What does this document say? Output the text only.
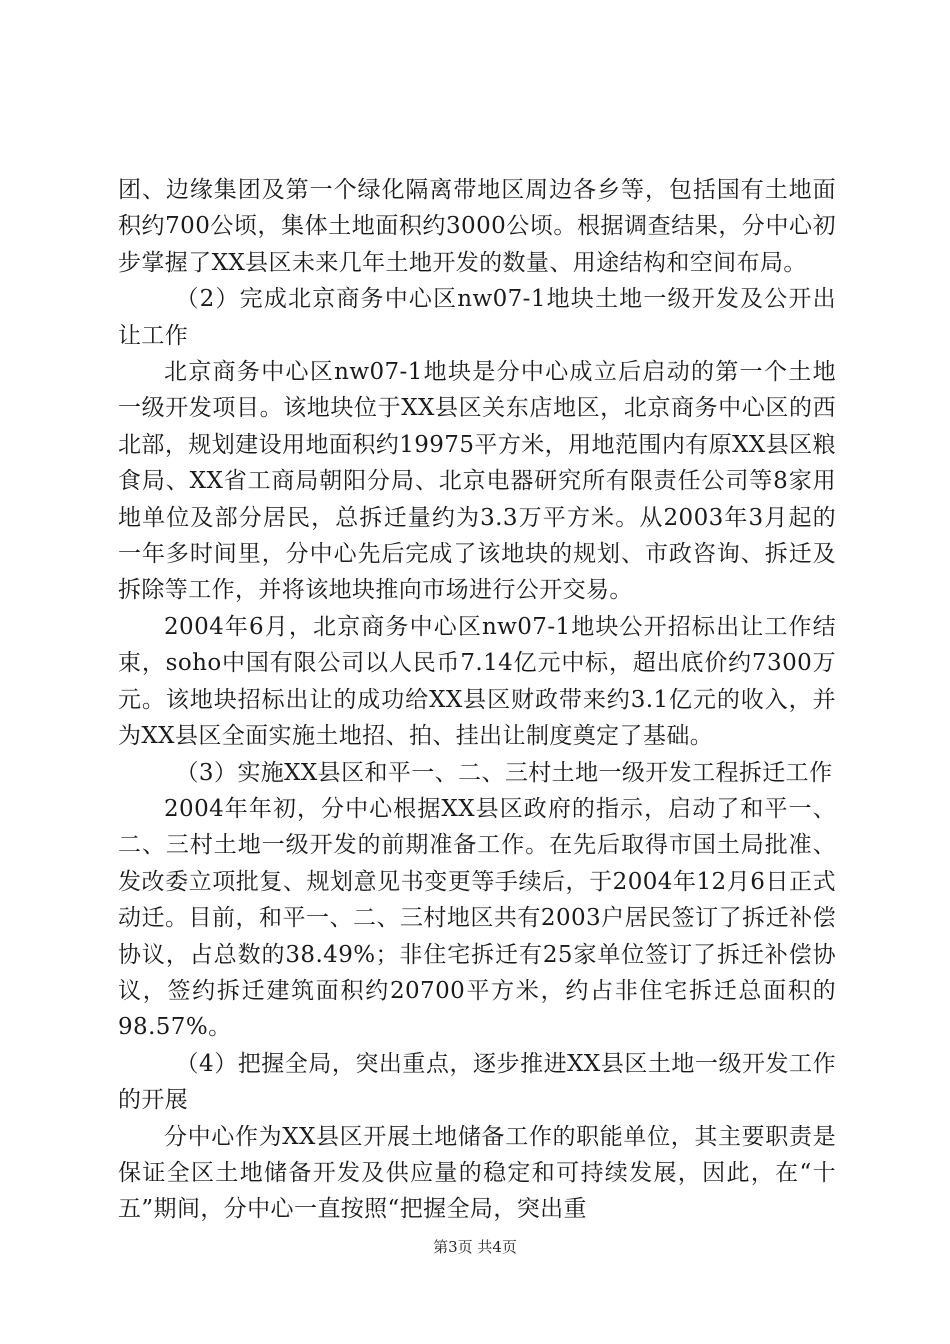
团、边缘集团及第一个绿化隔离带地区周边各乡等，包括国有土地面积约700公顷，集体土地面积约3000公顷。根据调查结果，分中心初步掌握了XX县区未来几年土地开发的数量、用途结构和空间布局。

（2）完成北京商务中心区nw07-1地块土地一级开发及公开出让工作

北京商务中心区nw07-1地块是分中心成立后启动的第一个土地一级开发项目。该地块位于XX县区关东店地区，北京商务中心区的西北部，规划建设用地面积约19975平方米，用地范围内有原XX县区粮食局、XX省工商局朝阳分局、北京电器研究所有限责任公司等8家用地单位及部分居民，总拆迁量约为3.3万平方米。从2003年3月起的一年多时间里，分中心先后完成了该地块的规划、市政咨询、拆迁及拆除等工作，并将该地块推向市场进行公开交易。

2004年6月，北京商务中心区nw07-1地块公开招标出让工作结束，soho中国有限公司以人民币7.14亿元中标，超出底价约7300万元。该地块招标出让的成功给XX县区财政带来约3.1亿元的收入，并为XX县区全面实施土地招、拍、挂出让制度奠定了基础。

（3）实施XX县区和平一、二、三村土地一级开发工程拆迁工作

2004年年初，分中心根据XX县区政府的指示，启动了和平一、二、三村土地一级开发的前期准备工作。在先后取得市国土局批准、发改委立项批复、规划意见书变更等手续后，于2004年12月6日正式动迁。目前，和平一、二、三村地区共有2003户居民签订了拆迁补偿协议，占总数的38.49%；非住宅拆迁有25家单位签订了拆迁补偿协议，签约拆迁建筑面积约20700平方米，约占非住宅拆迁总面积的98.57%。

（4）把握全局，突出重点，逐步推进XX县区土地一级开发工作的开展

分中心作为XX县区开展土地储备工作的职能单位，其主要职责是保证全区土地储备开发及供应量的稳定和可持续发展，因此，在“十五”期间，分中心一直按照“把握全局，突出重

第3页 共4页
